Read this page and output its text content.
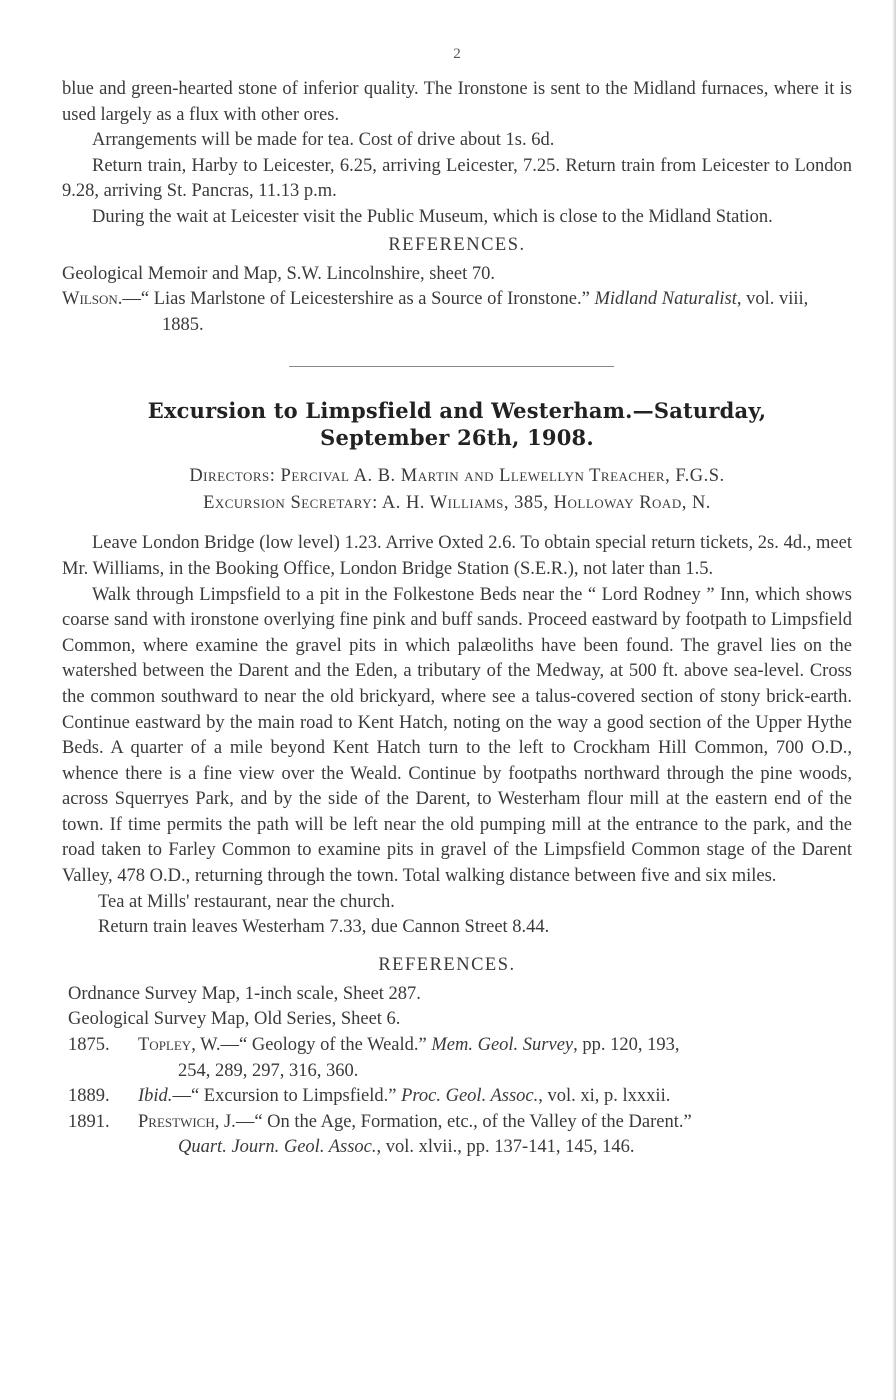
2

blue and green-hearted stone of inferior quality. The Ironstone is sent to the Midland furnaces, where it is used largely as a flux with other ores.

Arrangements will be made for tea. Cost of drive about 1s. 6d.

Return train, Harby to Leicester, 6.25, arriving Leicester, 7.25. Return train from Leicester to London 9.28, arriving St. Pancras, 11.13 p.m.

During the wait at Leicester visit the Public Museum, which is close to the Midland Station.

REFERENCES.

Geological Memoir and Map, S.W. Lincolnshire, sheet 70.

Wilson.—“ Lias Marlstone of Leicestershire as a Source of Ironstone.” Midland Naturalist, vol. viii, 1885.

Excursion to Limpsfield and Westerham.—Saturday,
September 26th, 1908.
Directors: Percival A. B. Martin and Llewellyn Treacher, F.G.S.
Excursion Secretary: A. H. Williams, 385, Holloway Road, N.

Leave London Bridge (low level) 1.23. Arrive Oxted 2.6. To obtain special return tickets, 2s. 4d., meet Mr. Williams, in the Booking Office, London Bridge Station (S.E.R.), not later than 1.5.

Walk through Limpsfield to a pit in the Folkestone Beds near the “ Lord Rodney ” Inn, which shows coarse sand with ironstone overlying fine pink and buff sands. Proceed eastward by footpath to Limpsfield Common, where examine the gravel pits in which palæoliths have been found. The gravel lies on the watershed between the Darent and the Eden, a tributary of the Medway, at 500 ft. above sea-level. Cross the common southward to near the old brickyard, where see a talus-covered section of stony brick-earth. Continue eastward by the main road to Kent Hatch, noting on the way a good section of the Upper Hythe Beds. A quarter of a mile beyond Kent Hatch turn to the left to Crockham Hill Common, 700 O.D., whence there is a fine view over the Weald. Continue by footpaths northward through the pine woods, across Squerryes Park, and by the side of the Darent, to Westerham flour mill at the eastern end of the town. If time permits the path will be left near the old pumping mill at the entrance to the park, and the road taken to Farley Common to examine pits in gravel of the Limpsfield Common stage of the Darent Valley, 478 O.D., returning through the town. Total walking distance between five and six miles.

Tea at Mills' restaurant, near the church.

Return train leaves Westerham 7.33, due Cannon Street 8.44.

REFERENCES.

Ordnance Survey Map, 1-inch scale, Sheet 287.

Geological Survey Map, Old Series, Sheet 6.

1875. Topley, W.—“ Geology of the Weald.” Mem. Geol. Survey, pp. 120, 193,

254, 289, 297, 316, 360.

1889. Ibid.—“ Excursion to Limpsfield.” Proc. Geol. Assoc., vol. xi, p. lxxxii.

1891. Prestwich, J.—“ On the Age, Formation, etc., of the Valley of the Darent.”

Quart. Journ. Geol. Assoc., vol. xlvii., pp. 137-141, 145, 146.
